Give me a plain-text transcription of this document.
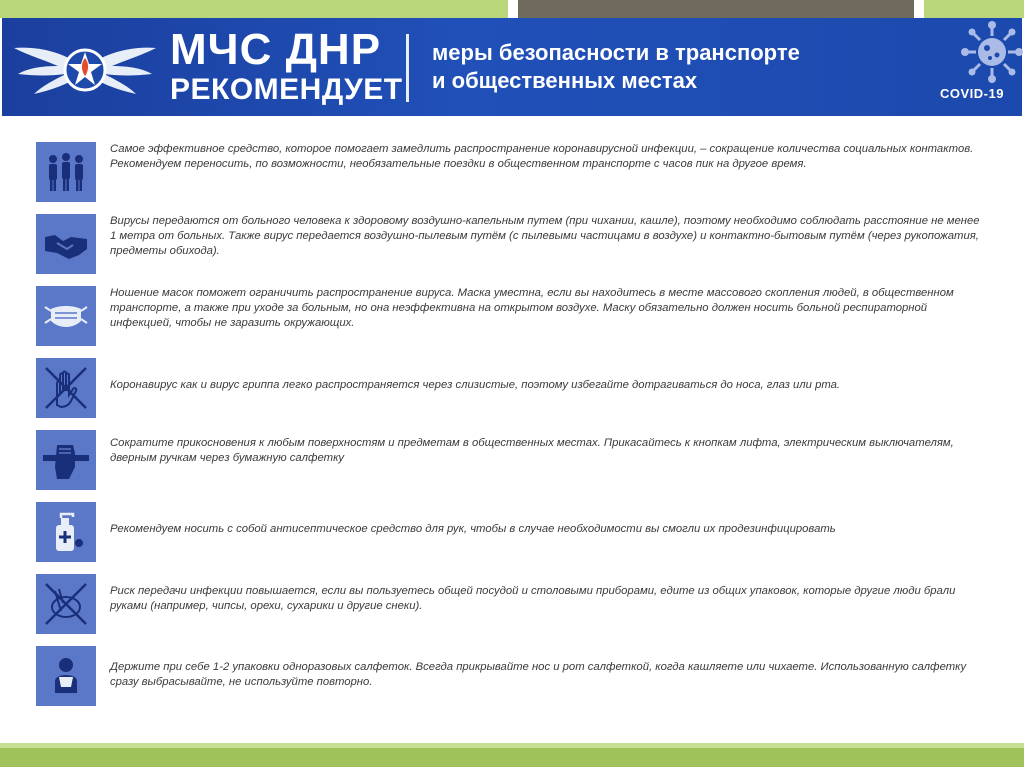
МЧС ДНР
РЕКОМЕНДУЕТ
меры безопасности в транспорте
и общественных местах
COVID-19
Самое эффективное средство, которое помогает замедлить распространение коронавирусной инфекции, – сокращение количества социальных контактов. Рекомендуем переносить, по возможности, необязательные поездки в общественном транспорте с часов пик на другое время.
Вирусы передаются от больного человека к здоровому воздушно-капельным путем (при чихании, кашле), поэтому необходимо соблюдать расстояние не менее 1 метра от больных. Также вирус передается воздушно-пылевым путём (с пылевыми частицами в воздухе) и контактно-бытовым путём (через рукопожатия, предметы обихода).
Ношение масок поможет ограничить распространение вируса. Маска уместна, если вы находитесь в месте массового скопления людей, в общественном транспорте, а также при уходе за больным, но она неэффективна на открытом воздухе. Маску обязательно должен носить больной респираторной инфекцией, чтобы не заразить окружающих.
Коронавирус как и вирус гриппа легко распространяется через слизистые, поэтому избегайте дотрагиваться до носа, глаз или рта.
Сократите прикосновения к любым поверхностям и предметам в общественных местах. Прикасайтесь к кнопкам лифта, электрическим выключателям, дверным ручкам через бумажную салфетку
Рекомендуем носить с собой антисептическое средство для рук, чтобы в случае необходимости вы смогли их продезинфицировать
Риск передачи инфекции повышается, если вы пользуетесь общей посудой и столовыми приборами, едите из общих упаковок, которые другие люди брали руками (например, чипсы, орехи, сухарики и другие снеки).
Держите при себе 1-2 упаковки одноразовых салфеток. Всегда прикрывайте нос и рот салфеткой, когда кашляете или чихаете. Использованную салфетку сразу выбрасывайте, не используйте повторно.
